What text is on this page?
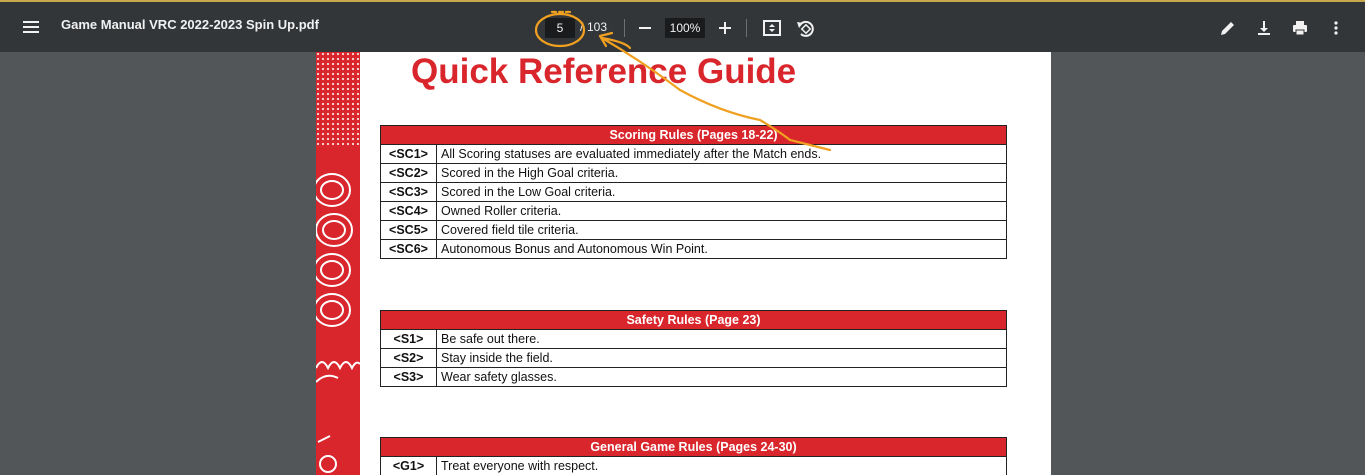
Game Manual VRC 2022-2023 Spin Up.pdf
5	/ 103
100%
Quick Reference Guide
Scoring Rules (Pages 18-22)	
<SC1>	All Scoring statuses are evaluated immediately after the Match ends.
<SC2>	Scored in the High Goal criteria.
<SC3>	Scored in the Low Goal criteria.
<SC4>	Owned Roller criteria.
<SC5>	Covered field tile criteria.
<SC6>	Autonomous Bonus and Autonomous Win Point.
Safety Rules (Page 23)	
<S1>	Be safe out there.
<S2>	Stay inside the field.
<S3>	Wear safety glasses.
General Game Rules (Pages 24-30)
<G1>	Treat everyone with respect.
